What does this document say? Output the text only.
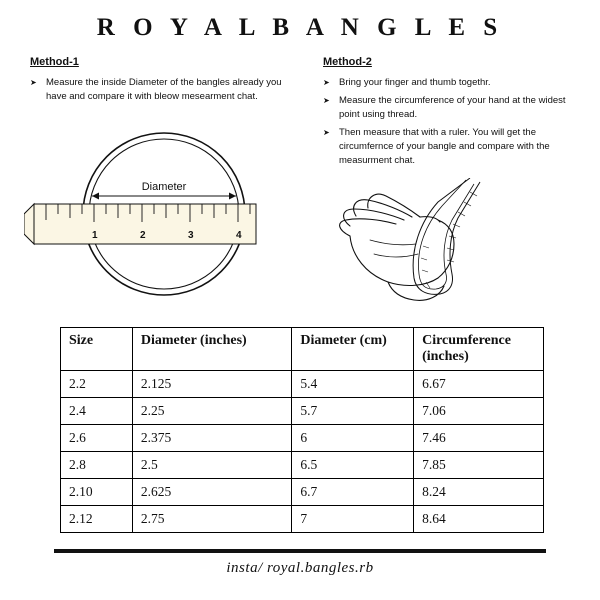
R O Y A L B A N G L E S
Method-1
➤ Measure the inside Diameter of the bangles already you have and compare it with bleow mesearment chat.
Method-2
➤ Bring your finger and thumb togethr.
➤ Measure the circumference of your hand at the widest point using thread.
➤ Then measure that with a ruler. You will get the circumfernce of your bangle and compare with the measurment chat.
Diameter
1	2	3	4
Size	Diameter (inches)	Diameter (cm)	Circumference (inches)
2.2	2.125	5.4	6.67
2.4	2.25	5.7	7.06
2.6	2.375	6	7.46
2.8	2.5	6.5	7.85
2.10	2.625	6.7	8.24
2.12	2.75	7	8.64
insta/ royal.bangles.rb
